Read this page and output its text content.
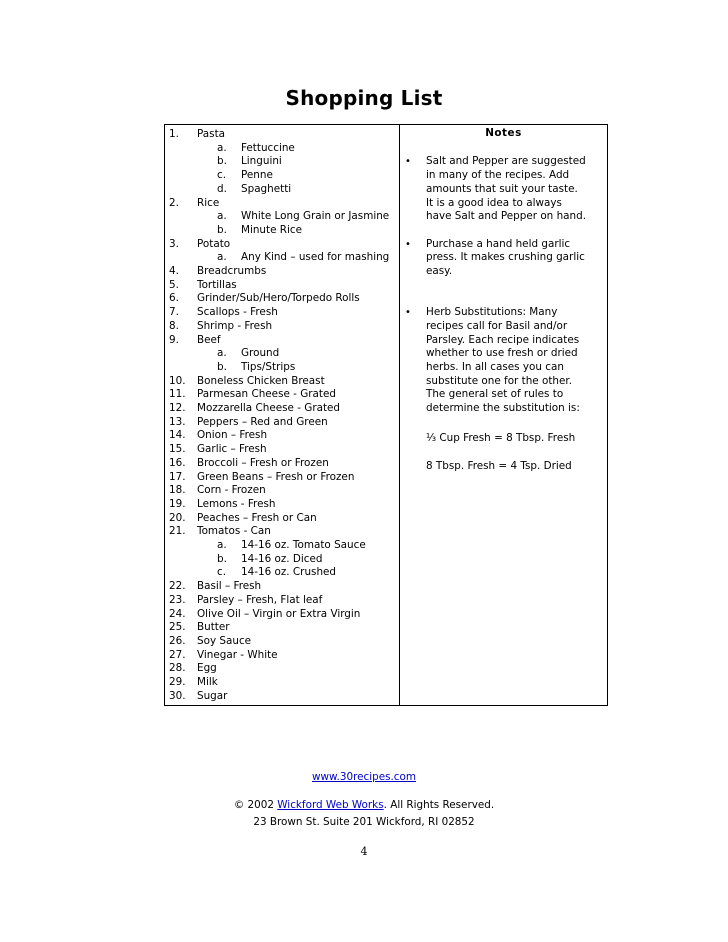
Shopping List
1.	Pasta
a.	Fettuccine
b.	Linguini
c.	Penne
d.	Spaghetti
2.	Rice
a.	White Long Grain or Jasmine
b.	Minute Rice
3.	Potato
a.	Any Kind – used for mashing
4.	Breadcrumbs
5.	Tortillas
6.	Grinder/Sub/Hero/Torpedo Rolls
7.	Scallops - Fresh
8.	Shrimp - Fresh
9.	Beef
a.	Ground
b.	Tips/Strips
10.	Boneless Chicken Breast
11.	Parmesan Cheese - Grated
12.	Mozzarella Cheese - Grated
13.	Peppers – Red and Green
14.	Onion – Fresh
15.	Garlic – Fresh
16.	Broccoli – Fresh or Frozen
17.	Green Beans – Fresh or Frozen
18.	Corn - Frozen
19.	Lemons - Fresh
20.	Peaches – Fresh or Can
21.	Tomatos - Can
a.	14-16 oz. Tomato Sauce
b.	14-16 oz. Diced
c.	14-16 oz. Crushed
22.	Basil – Fresh
23.	Parsley – Fresh, Flat leaf
24.	Olive Oil – Virgin or Extra Virgin
25.	Butter
26.	Soy Sauce
27.	Vinegar - White
28.	Egg
29.	Milk
30.	Sugar
Notes
• Salt and Pepper are suggested
in many of the recipes. Add
amounts that suit your taste.
It is a good idea to always
have Salt and Pepper on hand.
• Purchase a hand held garlic
press. It makes crushing garlic
easy.
• Herb Substitutions: Many
recipes call for Basil and/or
Parsley. Each recipe indicates
whether to use fresh or dried
herbs. In all cases you can
substitute one for the other.
The general set of rules to
determine the substitution is:
⅓ Cup Fresh = 8 Tbsp. Fresh
8 Tbsp. Fresh = 4 Tsp. Dried
www.30recipes.com
© 2002 Wickford Web Works. All Rights Reserved.
23 Brown St. Suite 201 Wickford, RI 02852
4
